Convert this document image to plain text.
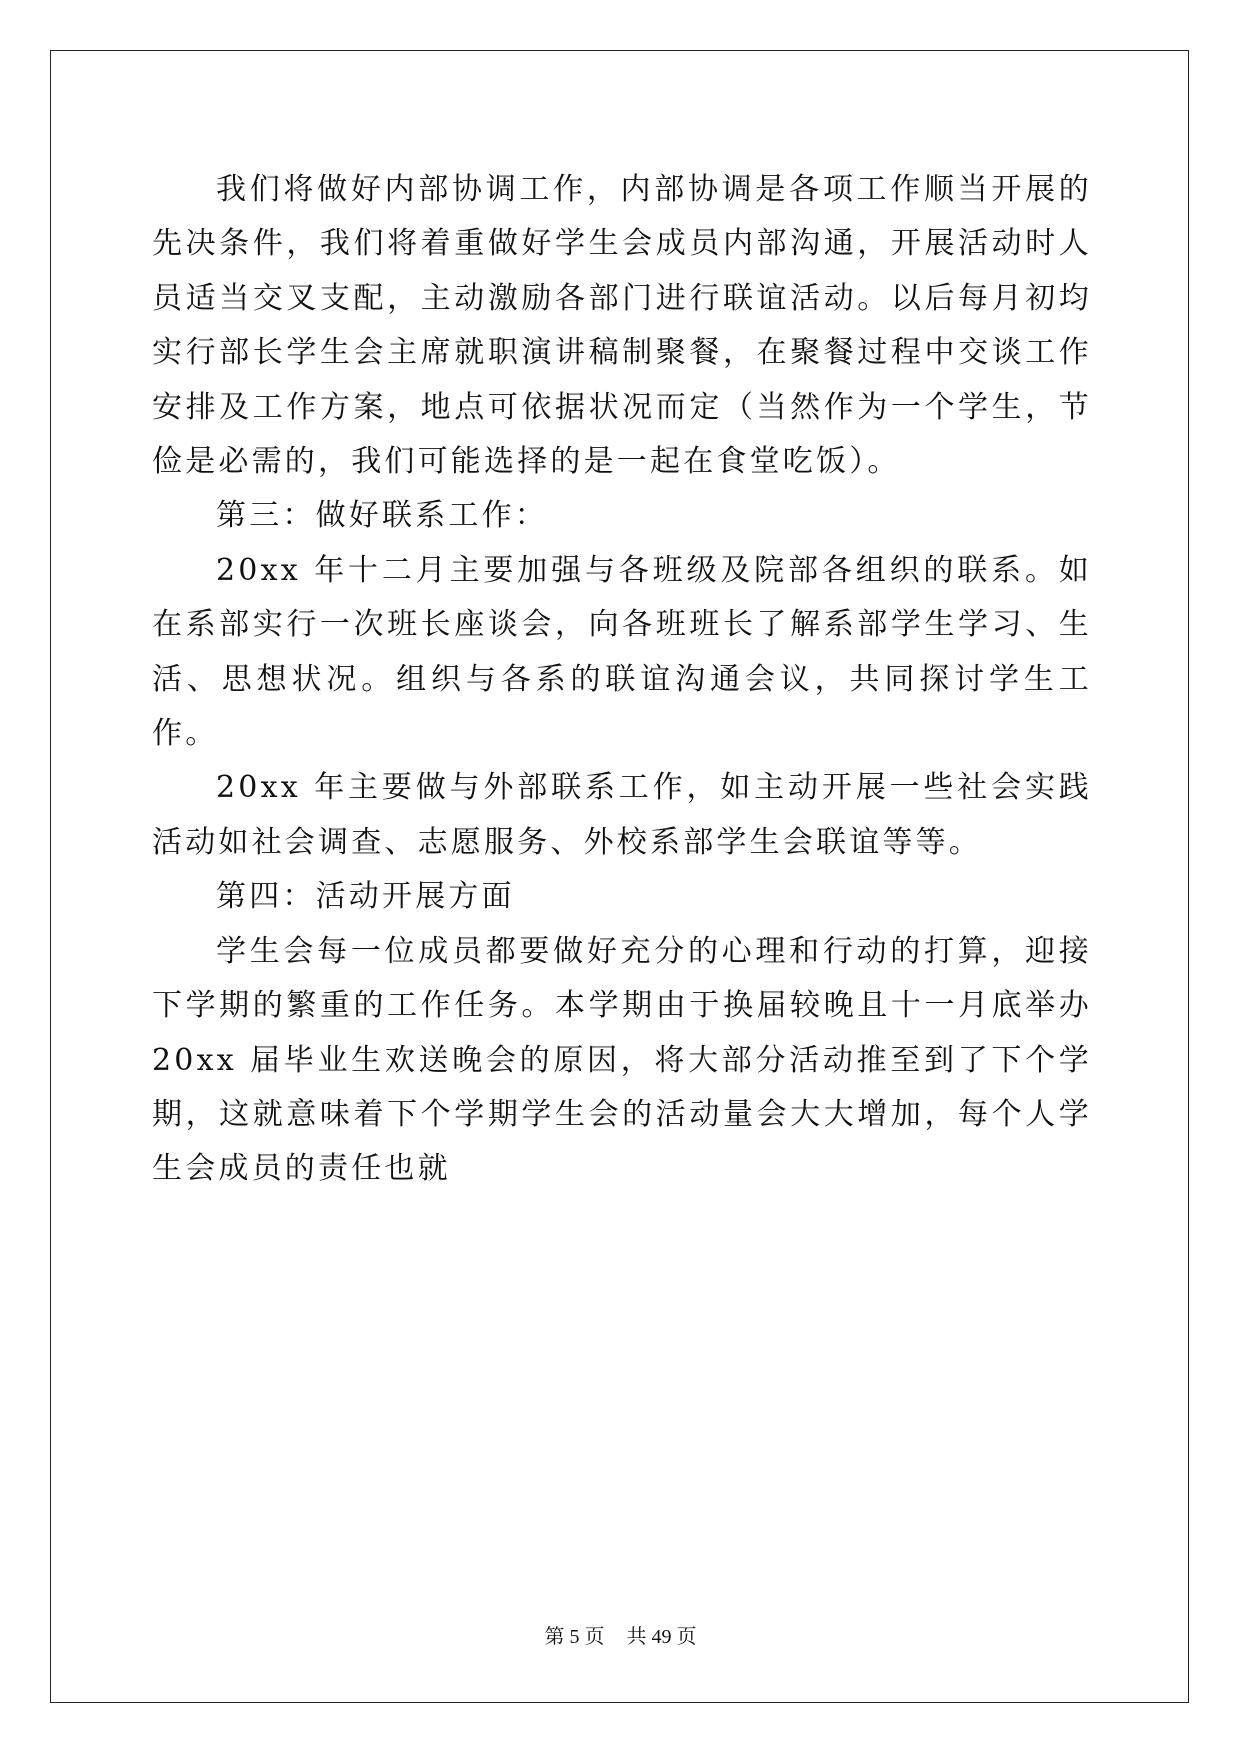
我们将做好内部协调工作，内部协调是各项工作顺当开展的先决条件，我们将着重做好学生会成员内部沟通，开展活动时人员适当交叉支配，主动激励各部门进行联谊活动。以后每月初均实行部长学生会主席就职演讲稿制聚餐，在聚餐过程中交谈工作安排及工作方案，地点可依据状况而定（当然作为一个学生，节俭是必需的，我们可能选择的是一起在食堂吃饭）。

第三：做好联系工作：

20xx 年十二月主要加强与各班级及院部各组织的联系。如在系部实行一次班长座谈会，向各班班长了解系部学生学习、生活、思想状况。组织与各系的联谊沟通会议，共同探讨学生工作。

20xx 年主要做与外部联系工作，如主动开展一些社会实践活动如社会调查、志愿服务、外校系部学生会联谊等等。

第四：活动开展方面

学生会每一位成员都要做好充分的心理和行动的打算，迎接下学期的繁重的工作任务。本学期由于换届较晚且十一月底举办 20xx 届毕业生欢送晚会的原因，将大部分活动推至到了下个学期，这就意味着下个学期学生会的活动量会大大增加，每个人学生会成员的责任也就

第 5 页 共 49 页
